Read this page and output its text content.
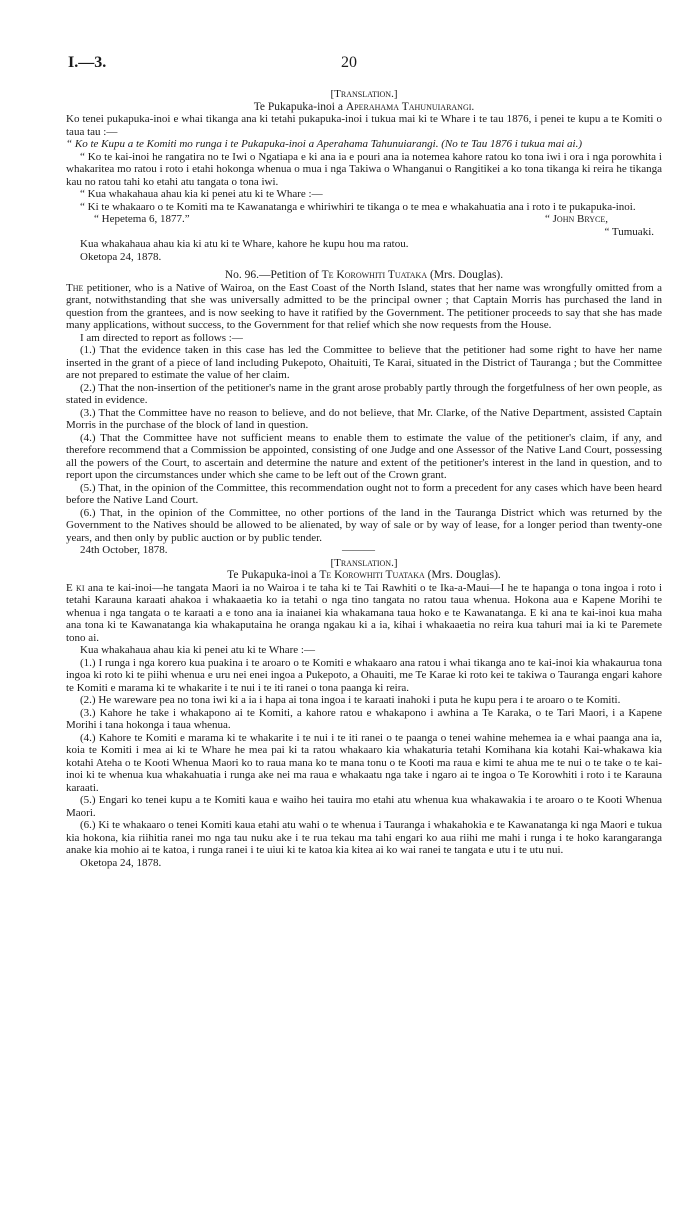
I.—3.	20
[Translation.]
Te Pukapuka-inoi a Aperahama Tahunuiarangi.
Ko tenei pukapuka-inoi e whai tikanga ana ki tetahi pukapuka-inoi i tukua mai ki te Whare i te tau 1876, i penei te kupu a te Komiti o taua tau :—
“ Ko te Kupu a te Komiti mo runga i te Pukapuka-inoi a Aperahama Tahunuiarangi. (No te Tau 1876 i tukua mai ai.)
“ Ko te kai-inoi he rangatira no te Iwi o Ngatiapa e ki ana ia e pouri ana ia notemea kahore ratou ko tona iwi i ora i nga porowhita i whakaritea mo ratou i roto i etahi hokonga whenua o mua i nga Takiwa o Whanganui o Rangitikei a ko tona tikanga ki reira he tikanga kau no ratou tahi ko etahi atu tangata o tona iwi.
“ Kua whakahaua ahau kia ki penei atu ki te Whare :—
“ Ki te whakaaro o te Komiti ma te Kawanatanga e whiriwhiri te tikanga o te mea e whakahuatia ana i roto i te pukapuka-inoi.
“ Hepetema 6, 1877.”	“ John Bryce,
“ Tumuaki.
Kua whakahaua ahau kia ki atu ki te Whare, kahore he kupu hou ma ratou.
Oketopa 24, 1878.
No. 96.—Petition of Te Korowhiti Tuataka (Mrs. Douglas).
The petitioner, who is a Native of Wairoa, on the East Coast of the North Island, states that her name was wrongfully omitted from a grant, notwithstanding that she was universally admitted to be the principal owner ; that Captain Morris has purchased the land in question from the grantees, and is now seeking to have it ratified by the Government. The petitioner proceeds to say that she has made many applications, without success, to the Government for that relief which she now requests from the House.
I am directed to report as follows :—
(1.) That the evidence taken in this case has led the Committee to believe that the petitioner had some right to have her name inserted in the grant of a piece of land including Pukepoto, Ohaituiti, Te Karai, situated in the District of Tauranga ; but the Committee are not prepared to estimate the value of her claim.
(2.) That the non-insertion of the petitioner's name in the grant arose probably partly through the forgetfulness of her own people, as stated in evidence.
(3.) That the Committee have no reason to believe, and do not believe, that Mr. Clarke, of the Native Department, assisted Captain Morris in the purchase of the block of land in question.
(4.) That the Committee have not sufficient means to enable them to estimate the value of the petitioner's claim, if any, and therefore recommend that a Commission be appointed, consisting of one Judge and one Assessor of the Native Land Court, possessing all the powers of the Court, to ascertain and determine the nature and extent of the petitioner's interest in the land in question, and to report upon the circumstances under which she came to be left out of the Crown grant.
(5.) That, in the opinion of the Committee, this recommendation ought not to form a precedent for any cases which have been heard before the Native Land Court.
(6.) That, in the opinion of the Committee, no other portions of the land in the Tauranga District which was returned by the Government to the Natives should be allowed to be alienated, by way of sale or by way of lease, for a longer period than twenty-one years, and then only by public auction or by public tender.
24th October, 1878.	———
[Translation.]
Te Pukapuka-inoi a Te Korowhiti Tuataka (Mrs. Douglas).
E ki ana te kai-inoi—he tangata Maori ia no Wairoa i te taha ki te Tai Rawhiti o te Ika-a-Maui—I he te hapanga o tona ingoa i roto i tetahi Karauna karaati ahakoa i whakaaetia ko ia tetahi o nga tino tangata no ratou taua whenua. Hokona aua e Kapene Morihi te whenua i nga tangata o te karaati a e tono ana ia inaianei kia whakamana taua hoko e te Kawanatanga. E ki ana te kai-inoi kua maha ana tona ki te Kawanatanga kia whakaputaina he oranga ngakau ki a ia, kihai i whakaaetia no reira kua tahuri mai ia ki te Paremete tono ai.
Kua whakahaua ahau kia ki penei atu ki te Whare :—
(1.) I runga i nga korero kua puakina i te aroaro o te Komiti e whakaaro ana ratou i whai tikanga ano te kai-inoi kia whakaurua tona ingoa ki roto ki te piihi whenua e uru nei enei ingoa a Pukepoto, a Ohauiti, me Te Karae ki roto kei te takiwa o Tauranga engari kahore te Komiti e marama ki te whakarite i te nui i te iti ranei o tona paanga ki reira.
(2.) He wareware pea no tona iwi ki a ia i hapa ai tona ingoa i te karaati inahoki i puta he kupu pera i te aroaro o te Komiti.
(3.) Kahore he take i whakapono ai te Komiti, a kahore ratou e whakapono i awhina a Te Karaka, o te Tari Maori, i a Kapene Morihi i tana hokonga i taua whenua.
(4.) Kahore te Komiti e marama ki te whakarite i te nui i te iti ranei o te paanga o tenei wahine mehemea ia e whai paanga ana ia, koia te Komiti i mea ai ki te Whare he mea pai ki ta ratou whakaaro kia whakaturia tetahi Komihana kia kotahi Kai-whakawa kia kotahi Ateha o te Kooti Whenua Maori ko to raua mana ko te mana tonu o te Kooti ma raua e kimi te ahua me te nui o te take o te kai-inoi ki te whenua kua whakahuatia i runga ake nei ma raua e whakaatu nga take i ngaro ai te ingoa o Te Korowhiti i roto i te Karauna karaati.
(5.) Engari ko tenei kupu a te Komiti kaua e waiho hei tauira mo etahi atu whenua kua whakawakia i te aroaro o te Kooti Whenua Maori.
(6.) Ki te whakaaro o tenei Komiti kaua etahi atu wahi o te whenua i Tauranga i whakahokia e te Kawanatanga ki nga Maori e tukua kia hokona, kia riihitia ranei mo nga tau nuku ake i te rua tekau ma tahi engari ko aua riihi me mahi i runga i te hoko karangaranga anake kia mohio ai te katoa, i runga ranei i te uiui ki te katoa kia kitea ai ko wai ranei te tangata e utu i te utu nui.
Oketopa 24, 1878.
